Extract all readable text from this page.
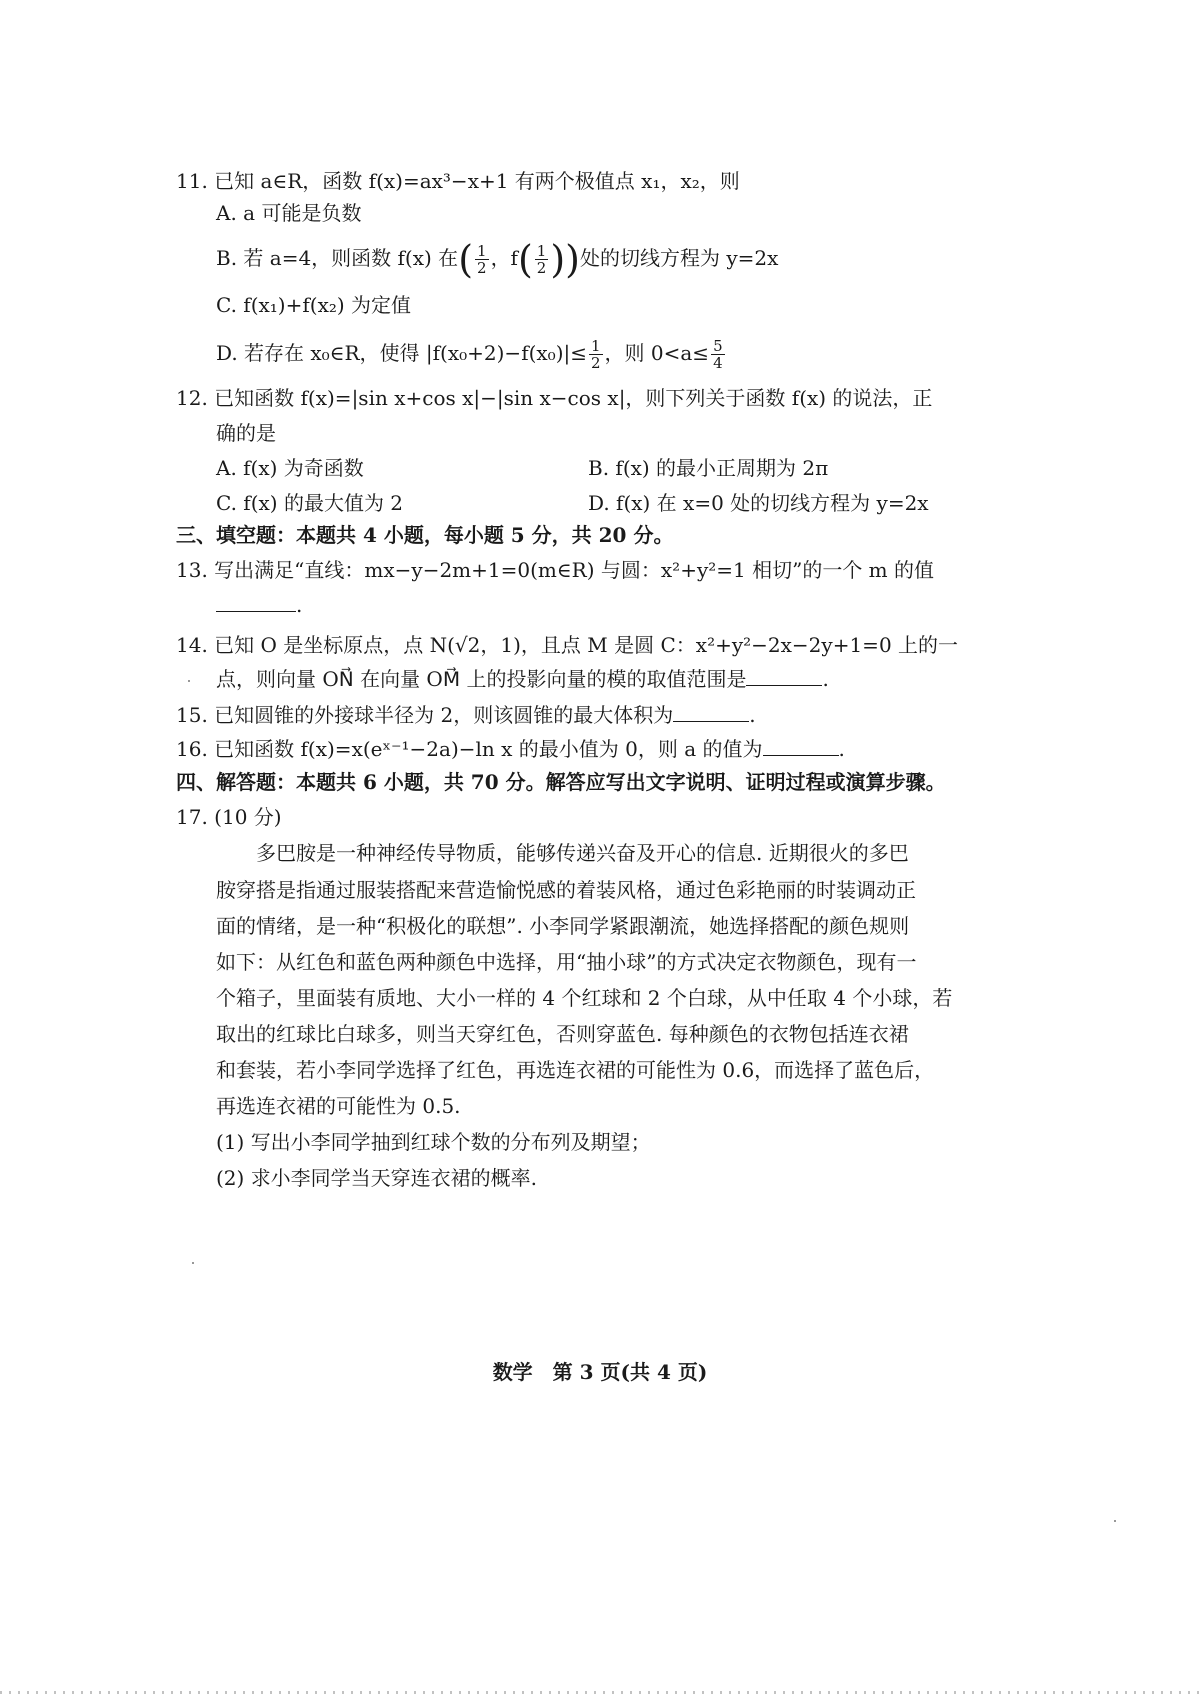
11. 已知 a∈R，函数 f(x)=ax³−x+1 有两个极值点 x₁，x₂，则
A. a 可能是负数
B. 若 a=4，则函数 f(x) 在( $\frac{1}{2}$ ，$f( \frac{1}{2}$ ))处的切线方程为 y=2x
C. f(x₁)+f(x₂) 为定值
D. 若存在 x₀∈R，使得 $|f(x_0+2)-f(x_0)|\le \frac{1}{2}$ ，则 $0<a\le \frac{5}{4}$
12. 已知函数 f(x)=|sin x+cos x|−|sin x−cos x|，则下列关于函数 f(x) 的说法，正
确的是
A. f(x) 为奇函数	B. f(x) 的最小正周期为 2π
C. f(x) 的最大值为 2	D. f(x) 在 x=0 处的切线方程为 y=2x
三、填空题：本题共 4 小题，每小题 5 分，共 20 分。
13. 写出满足“直线：mx−y−2m+1=0(m∈R) 与圆：x²+y²=1 相切”的一个 m 的值
.
14. 已知 O 是坐标原点，点 N(√2，1)，且点 M 是圆 C：x²+y²−2x−2y+1=0 上的一
点，则向量 ON⃗ 在向量 OM⃗ 上的投影向量的模的取值范围是	.
15. 已知圆锥的外接球半径为 2，则该圆锥的最大体积为	.
16. 已知函数 f(x)=x(eˣ⁻¹−2a)−ln x 的最小值为 0，则 a 的值为	.
四、解答题：本题共 6 小题，共 70 分。解答应写出文字说明、证明过程或演算步骤。
17. (10 分)
多巴胺是一种神经传导物质，能够传递兴奋及开心的信息. 近期很火的多巴
胺穿搭是指通过服装搭配来营造愉悦感的着装风格，通过色彩艳丽的时装调动正
面的情绪，是一种“积极化的联想”. 小李同学紧跟潮流，她选择搭配的颜色规则
如下：从红色和蓝色两种颜色中选择，用“抽小球”的方式决定衣物颜色，现有一
个箱子，里面装有质地、大小一样的 4 个红球和 2 个白球，从中任取 4 个小球，若
取出的红球比白球多，则当天穿红色，否则穿蓝色. 每种颜色的衣物包括连衣裙
和套装，若小李同学选择了红色，再选连衣裙的可能性为 0.6，而选择了蓝色后，
再选连衣裙的可能性为 0.5.
(1) 写出小李同学抽到红球个数的分布列及期望；
(2) 求小李同学当天穿连衣裙的概率.
数学　第 3 页(共 4 页)
